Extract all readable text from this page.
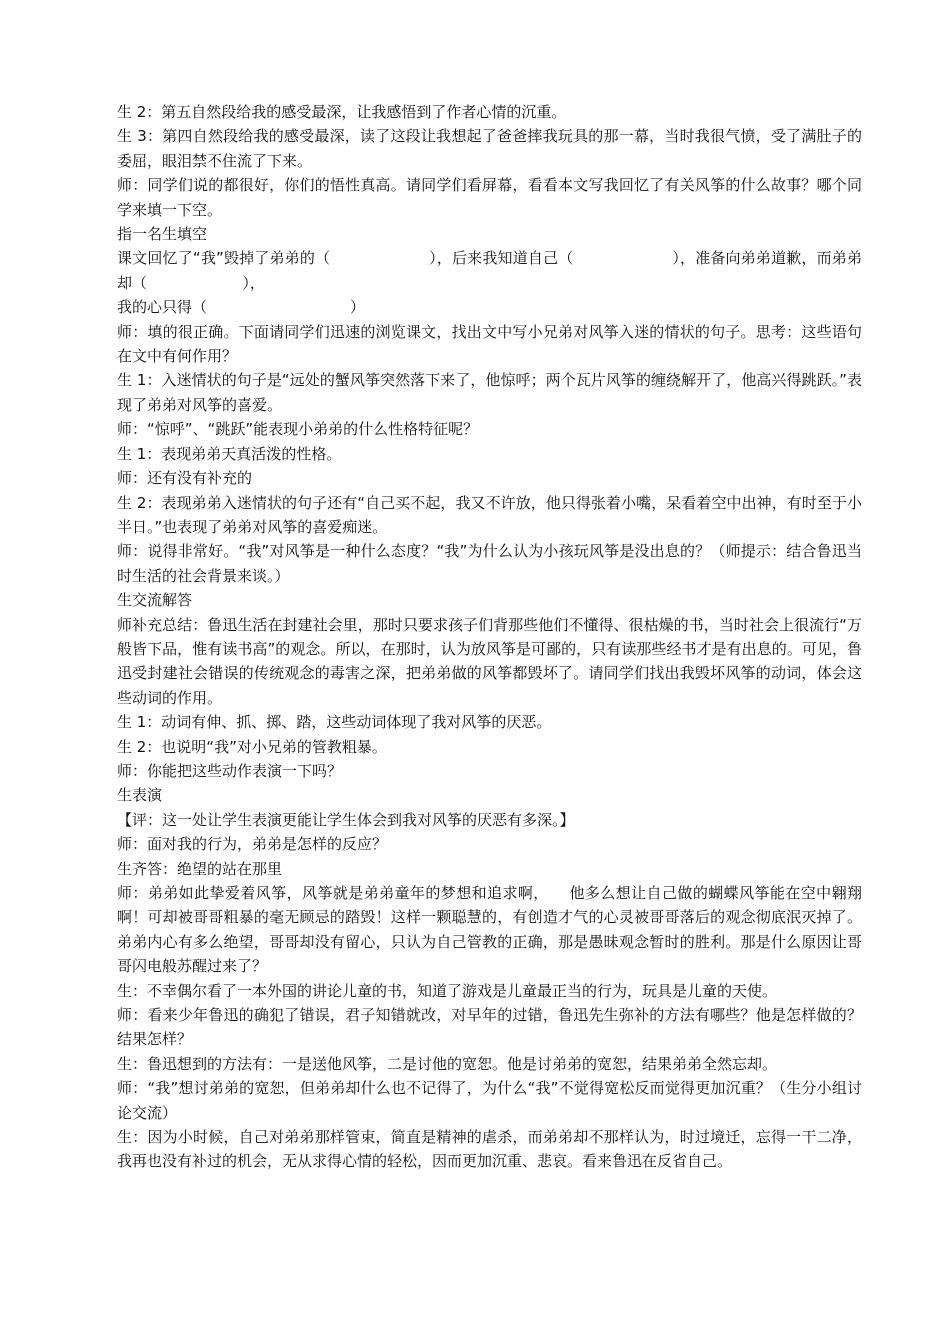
生 2：第五自然段给我的感受最深，让我感悟到了作者心情的沉重。

生 3：第四自然段给我的感受最深，读了这段让我想起了爸爸摔我玩具的那一幕，当时我很气愤，受了满肚子的委屈，眼泪禁不住流了下来。

师：同学们说的都很好，你们的悟性真高。请同学们看屏幕，看看本文写我回忆了有关风筝的什么故事？哪个同学来填一下空。

指一名生填空

课文回忆了“我”毁掉了弟弟的（                    ），后来我知道自己（                    ），准备向弟弟道歉，而弟弟却（                    ），

我的心只得（                              ）

师：填的很正确。下面请同学们迅速的浏览课文，找出文中写小兄弟对风筝入迷的情状的句子。思考：这些语句在文中有何作用？

生 1：入迷情状的句子是“远处的蟹风筝突然落下来了，他惊呼；两个瓦片风筝的缠绕解开了，他高兴得跳跃。”表现了弟弟对风筝的喜爱。

师：“惊呼”、“跳跃”能表现小弟弟的什么性格特征呢？

生 1：表现弟弟天真活泼的性格。

师：还有没有补充的

生 2：表现弟弟入迷情状的句子还有“自己买不起，我又不许放，他只得张着小嘴，呆看着空中出神，有时至于小半日。”也表现了弟弟对风筝的喜爱痴迷。

师：说得非常好。“我”对风筝是一种什么态度？“我”为什么认为小孩玩风筝是没出息的？（师提示：结合鲁迅当时生活的社会背景来谈。）

生交流解答

师补充总结：鲁迅生活在封建社会里，那时只要求孩子们背那些他们不懂得、很枯燥的书，当时社会上很流行“万般皆下品，惟有读书高”的观念。所以，在那时，认为放风筝是可鄙的，只有读那些经书才是有出息的。可见，鲁迅受封建社会错误的传统观念的毒害之深，把弟弟做的风筝都毁坏了。请同学们找出我毁坏风筝的动词，体会这些动词的作用。

生 1：动词有伸、抓、掷、踏，这些动词体现了我对风筝的厌恶。

生 2：也说明“我”对小兄弟的管教粗暴。

师：你能把这些动作表演一下吗？

生表演

【评：这一处让学生表演更能让学生体会到我对风筝的厌恶有多深。】

师：面对我的行为，弟弟是怎样的反应？

生齐答：绝望的站在那里

师：弟弟如此挚爱着风筝，风筝就是弟弟童年的梦想和追求啊，    他多么想让自己做的蝴蝶风筝能在空中翱翔啊！可却被哥哥粗暴的毫无顾忌的踏毁！这样一颗聪慧的，有创造才气的心灵被哥哥落后的观念彻底泯灭掉了。弟弟内心有多么绝望，哥哥却没有留心，只认为自己管教的正确，那是愚昧观念暂时的胜利。那是什么原因让哥哥闪电般苏醒过来了？

生：不幸偶尔看了一本外国的讲论儿童的书，知道了游戏是儿童最正当的行为，玩具是儿童的天使。

师：看来少年鲁迅的确犯了错误，君子知错就改，对早年的过错，鲁迅先生弥补的方法有哪些？他是怎样做的？结果怎样？

生：鲁迅想到的方法有：一是送他风筝，二是讨他的宽恕。他是讨弟弟的宽恕，结果弟弟全然忘却。

师：“我”想讨弟弟的宽恕，但弟弟却什么也不记得了，为什么“我”不觉得宽松反而觉得更加沉重？（生分小组讨论交流）

生：因为小时候，自己对弟弟那样管束，简直是精神的虐杀，而弟弟却不那样认为，时过境迁，忘得一干二净，我再也没有补过的机会，无从求得心情的轻松，因而更加沉重、悲哀。看来鲁迅在反省自己。
